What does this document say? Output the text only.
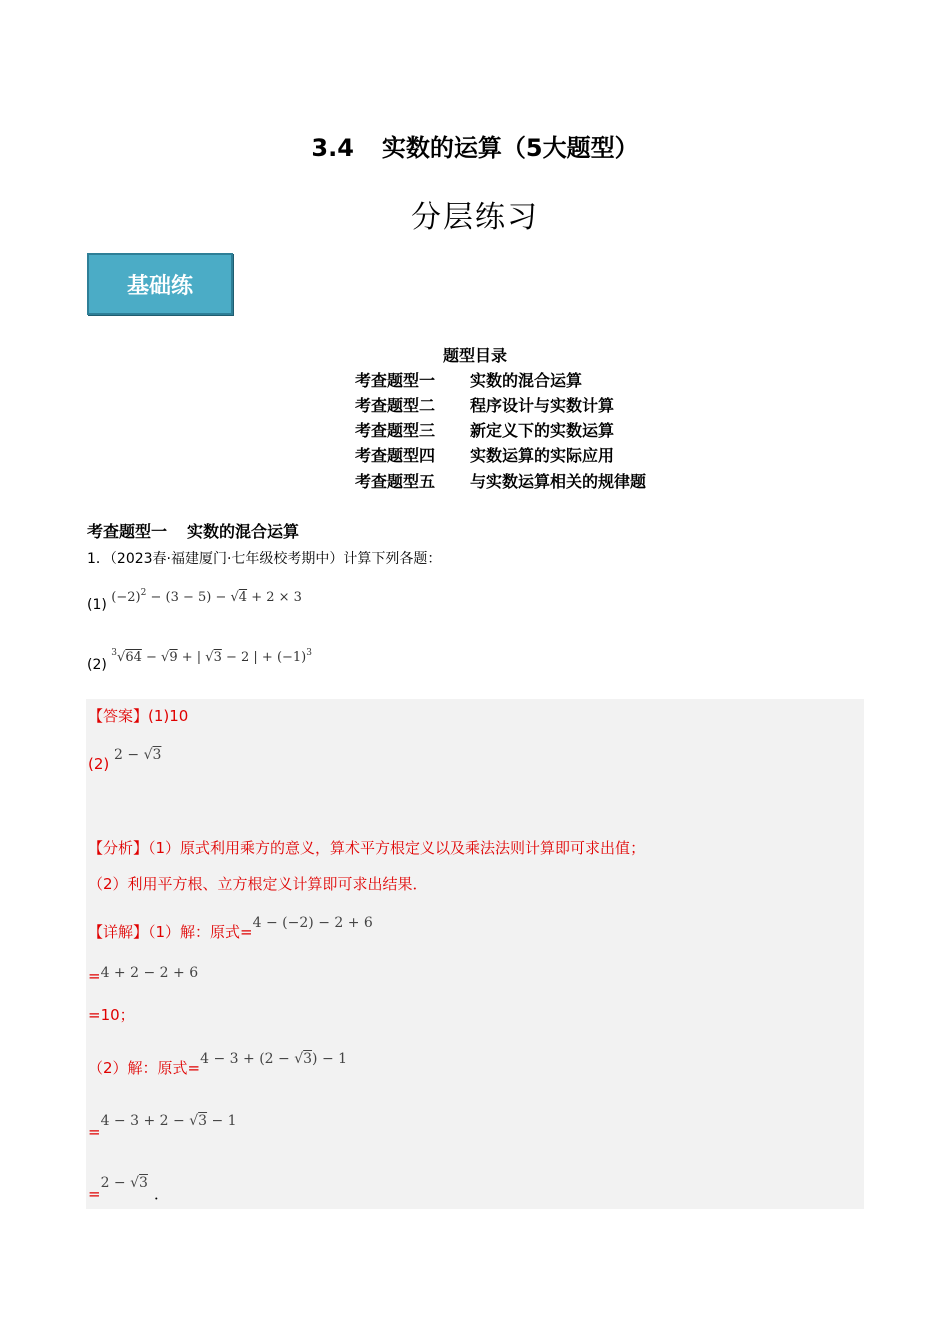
3.4 实数的运算（5大题型）
分层练习
基础练
题型目录
考查题型一 实数的混合运算
考查题型二 程序设计与实数计算
考查题型三 新定义下的实数运算
考查题型四 实数运算的实际应用
考查题型五 与实数运算相关的规律题
考查题型一 实数的混合运算
1．（2023春·福建厦门·七年级校考期中）计算下列各题：
(1) $(-2)^2 - (3 - 5) - √4 + 2 \times 3$
(2) $^3$√64 − √9 + | √3 − 2 | + $(-1)^3$
【答案】(1)10
(2) 2 − √3
【分析】（1）原式利用乘方的意义，算术平方根定义以及乘法法则计算即可求出值；
（2）利用平方根、立方根定义计算即可求出结果．
【详解】（1）解：原式=4 − (−2) − 2 + 6
=4 + 2 − 2 + 6
=10；
（2）解：原式=4 − 3 + (2 − √3) − 1
=4 − 3 + 2 − √3 − 1
=2 − √3．
